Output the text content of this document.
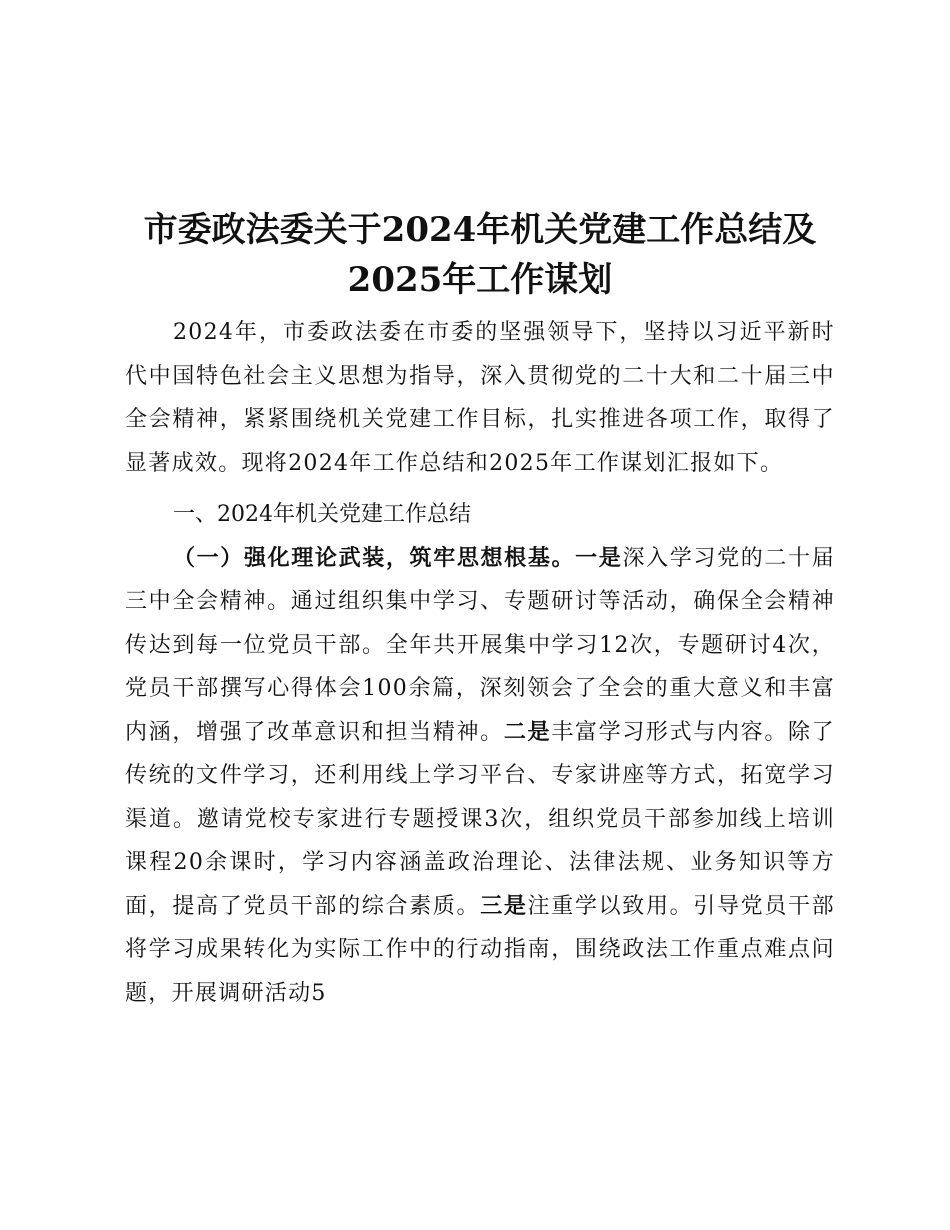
市委政法委关于2024年机关党建工作总结及
2025年工作谋划

2024年，市委政法委在市委的坚强领导下，坚持以习近平新时代中国特色社会主义思想为指导，深入贯彻党的二十大和二十届三中全会精神，紧紧围绕机关党建工作目标，扎实推进各项工作，取得了显著成效。现将2024年工作总结和2025年工作谋划汇报如下。

一、2024年机关党建工作总结

（一）强化理论武装，筑牢思想根基。一是深入学习党的二十届三中全会精神。通过组织集中学习、专题研讨等活动，确保全会精神传达到每一位党员干部。全年共开展集中学习12次，专题研讨4次，党员干部撰写心得体会100余篇，深刻领会了全会的重大意义和丰富内涵，增强了改革意识和担当精神。二是丰富学习形式与内容。除了传统的文件学习，还利用线上学习平台、专家讲座等方式，拓宽学习渠道。邀请党校专家进行专题授课3次，组织党员干部参加线上培训课程20余课时，学习内容涵盖政治理论、法律法规、业务知识等方面，提高了党员干部的综合素质。三是注重学以致用。引导党员干部将学习成果转化为实际工作中的行动指南，围绕政法工作重点难点问题，开展调研活动5
